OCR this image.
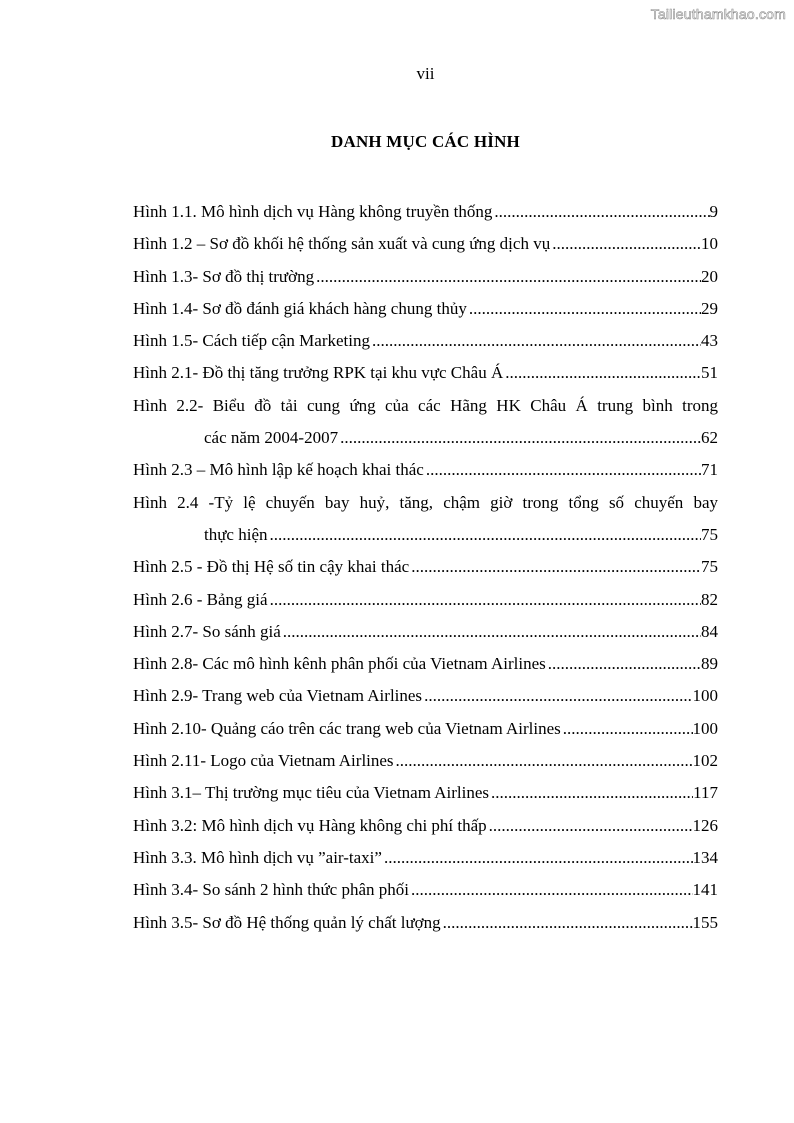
Tailieuthamkhao.com
vii
DANH MỤC CÁC HÌNH
Hình 1.1. Mô hình dịch vụ Hàng không truyền thống .....	9
Hình 1.2 – Sơ đồ khối hệ thống sản xuất và cung ứng dịch vụ .....	10
Hình 1.3- Sơ đồ thị trường .....	20
Hình 1.4- Sơ đồ đánh giá khách hàng chung thủy .....	29
Hình 1.5- Cách tiếp cận Marketing .....	43
Hình 2.1- Đồ thị tăng trưởng RPK tại khu vực Châu Á .....	51
Hình 2.2- Biểu đồ tải cung ứng của các Hãng HK Châu Á trung bình trong
các năm 2004-2007 .....	62
Hình 2.3 – Mô hình lập kế hoạch khai thác .....	71
Hình 2.4 -Tỷ lệ chuyến bay huỷ, tăng, chậm giờ trong tổng số chuyến bay
thực hiện .....	75
Hình 2.5 - Đồ thị Hệ số tin cậy khai thác .....	75
Hình 2.6 - Bảng giá .....	82
Hình 2.7- So sánh giá .....	84
Hình 2.8- Các mô hình kênh phân phối của Vietnam Airlines .....	89
Hình 2.9- Trang web của Vietnam Airlines .....	100
Hình 2.10- Quảng cáo trên các trang web của Vietnam Airlines .....	100
Hình 2.11- Logo của Vietnam Airlines .....	102
Hình 3.1– Thị trường mục tiêu của Vietnam Airlines .....	117
Hình 3.2: Mô hình dịch vụ Hàng không chi phí thấp .....	126
Hình 3.3. Mô hình dịch vụ ”air-taxi” .....	134
Hình 3.4- So sánh 2 hình thức phân phối .....	141
Hình 3.5- Sơ đồ Hệ thống quản lý chất lượng .....	155
